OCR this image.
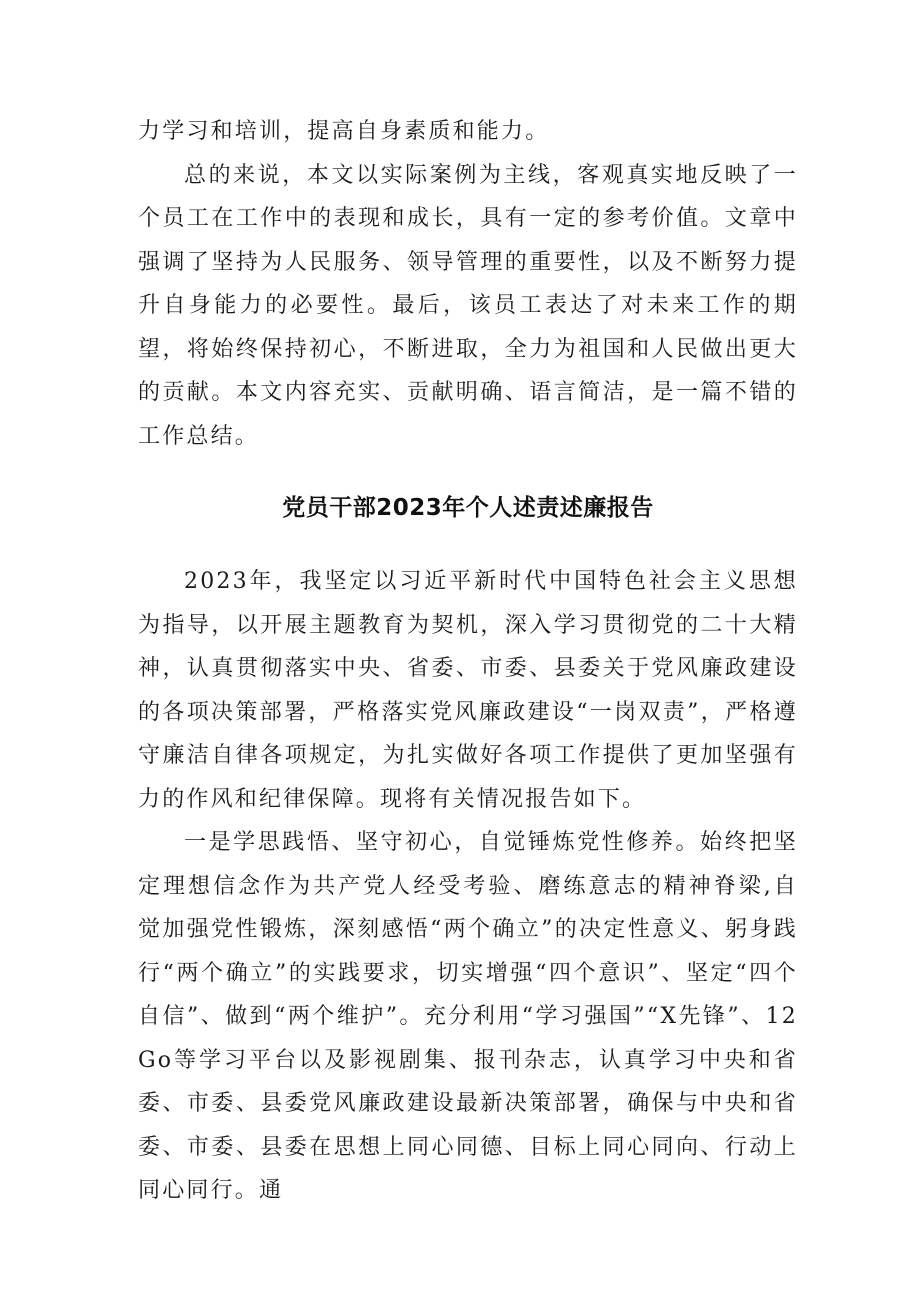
力学习和培训，提高自身素质和能力。

总的来说，本文以实际案例为主线，客观真实地反映了一个员工在工作中的表现和成长，具有一定的参考价值。文章中强调了坚持为人民服务、领导管理的重要性，以及不断努力提升自身能力的必要性。最后，该员工表达了对未来工作的期望，将始终保持初心，不断进取，全力为祖国和人民做出更大的贡献。本文内容充实、贡献明确、语言简洁，是一篇不错的工作总结。

党员干部2023年个人述责述廉报告

2023年，我坚定以习近平新时代中国特色社会主义思想为指导，以开展主题教育为契机，深入学习贯彻党的二十大精神，认真贯彻落实中央、省委、市委、县委关于党风廉政建设的各项决策部署，严格落实党风廉政建设“一岗双责”，严格遵守廉洁自律各项规定，为扎实做好各项工作提供了更加坚强有力的作风和纪律保障。现将有关情况报告如下。

一是学思践悟、坚守初心，自觉锤炼党性修养。始终把坚定理想信念作为共产党人经受考验、磨练意志的精神脊梁,自觉加强党性锻炼，深刻感悟“两个确立”的决定性意义、躬身践行“两个确立”的实践要求，切实增强“四个意识”、坚定“四个自信”、做到“两个维护”。充分利用“学习强国”“X先锋”、12Go等学习平台以及影视剧集、报刊杂志，认真学习中央和省委、市委、县委党风廉政建设最新决策部署，确保与中央和省委、市委、县委在思想上同心同德、目标上同心同向、行动上同心同行。通
